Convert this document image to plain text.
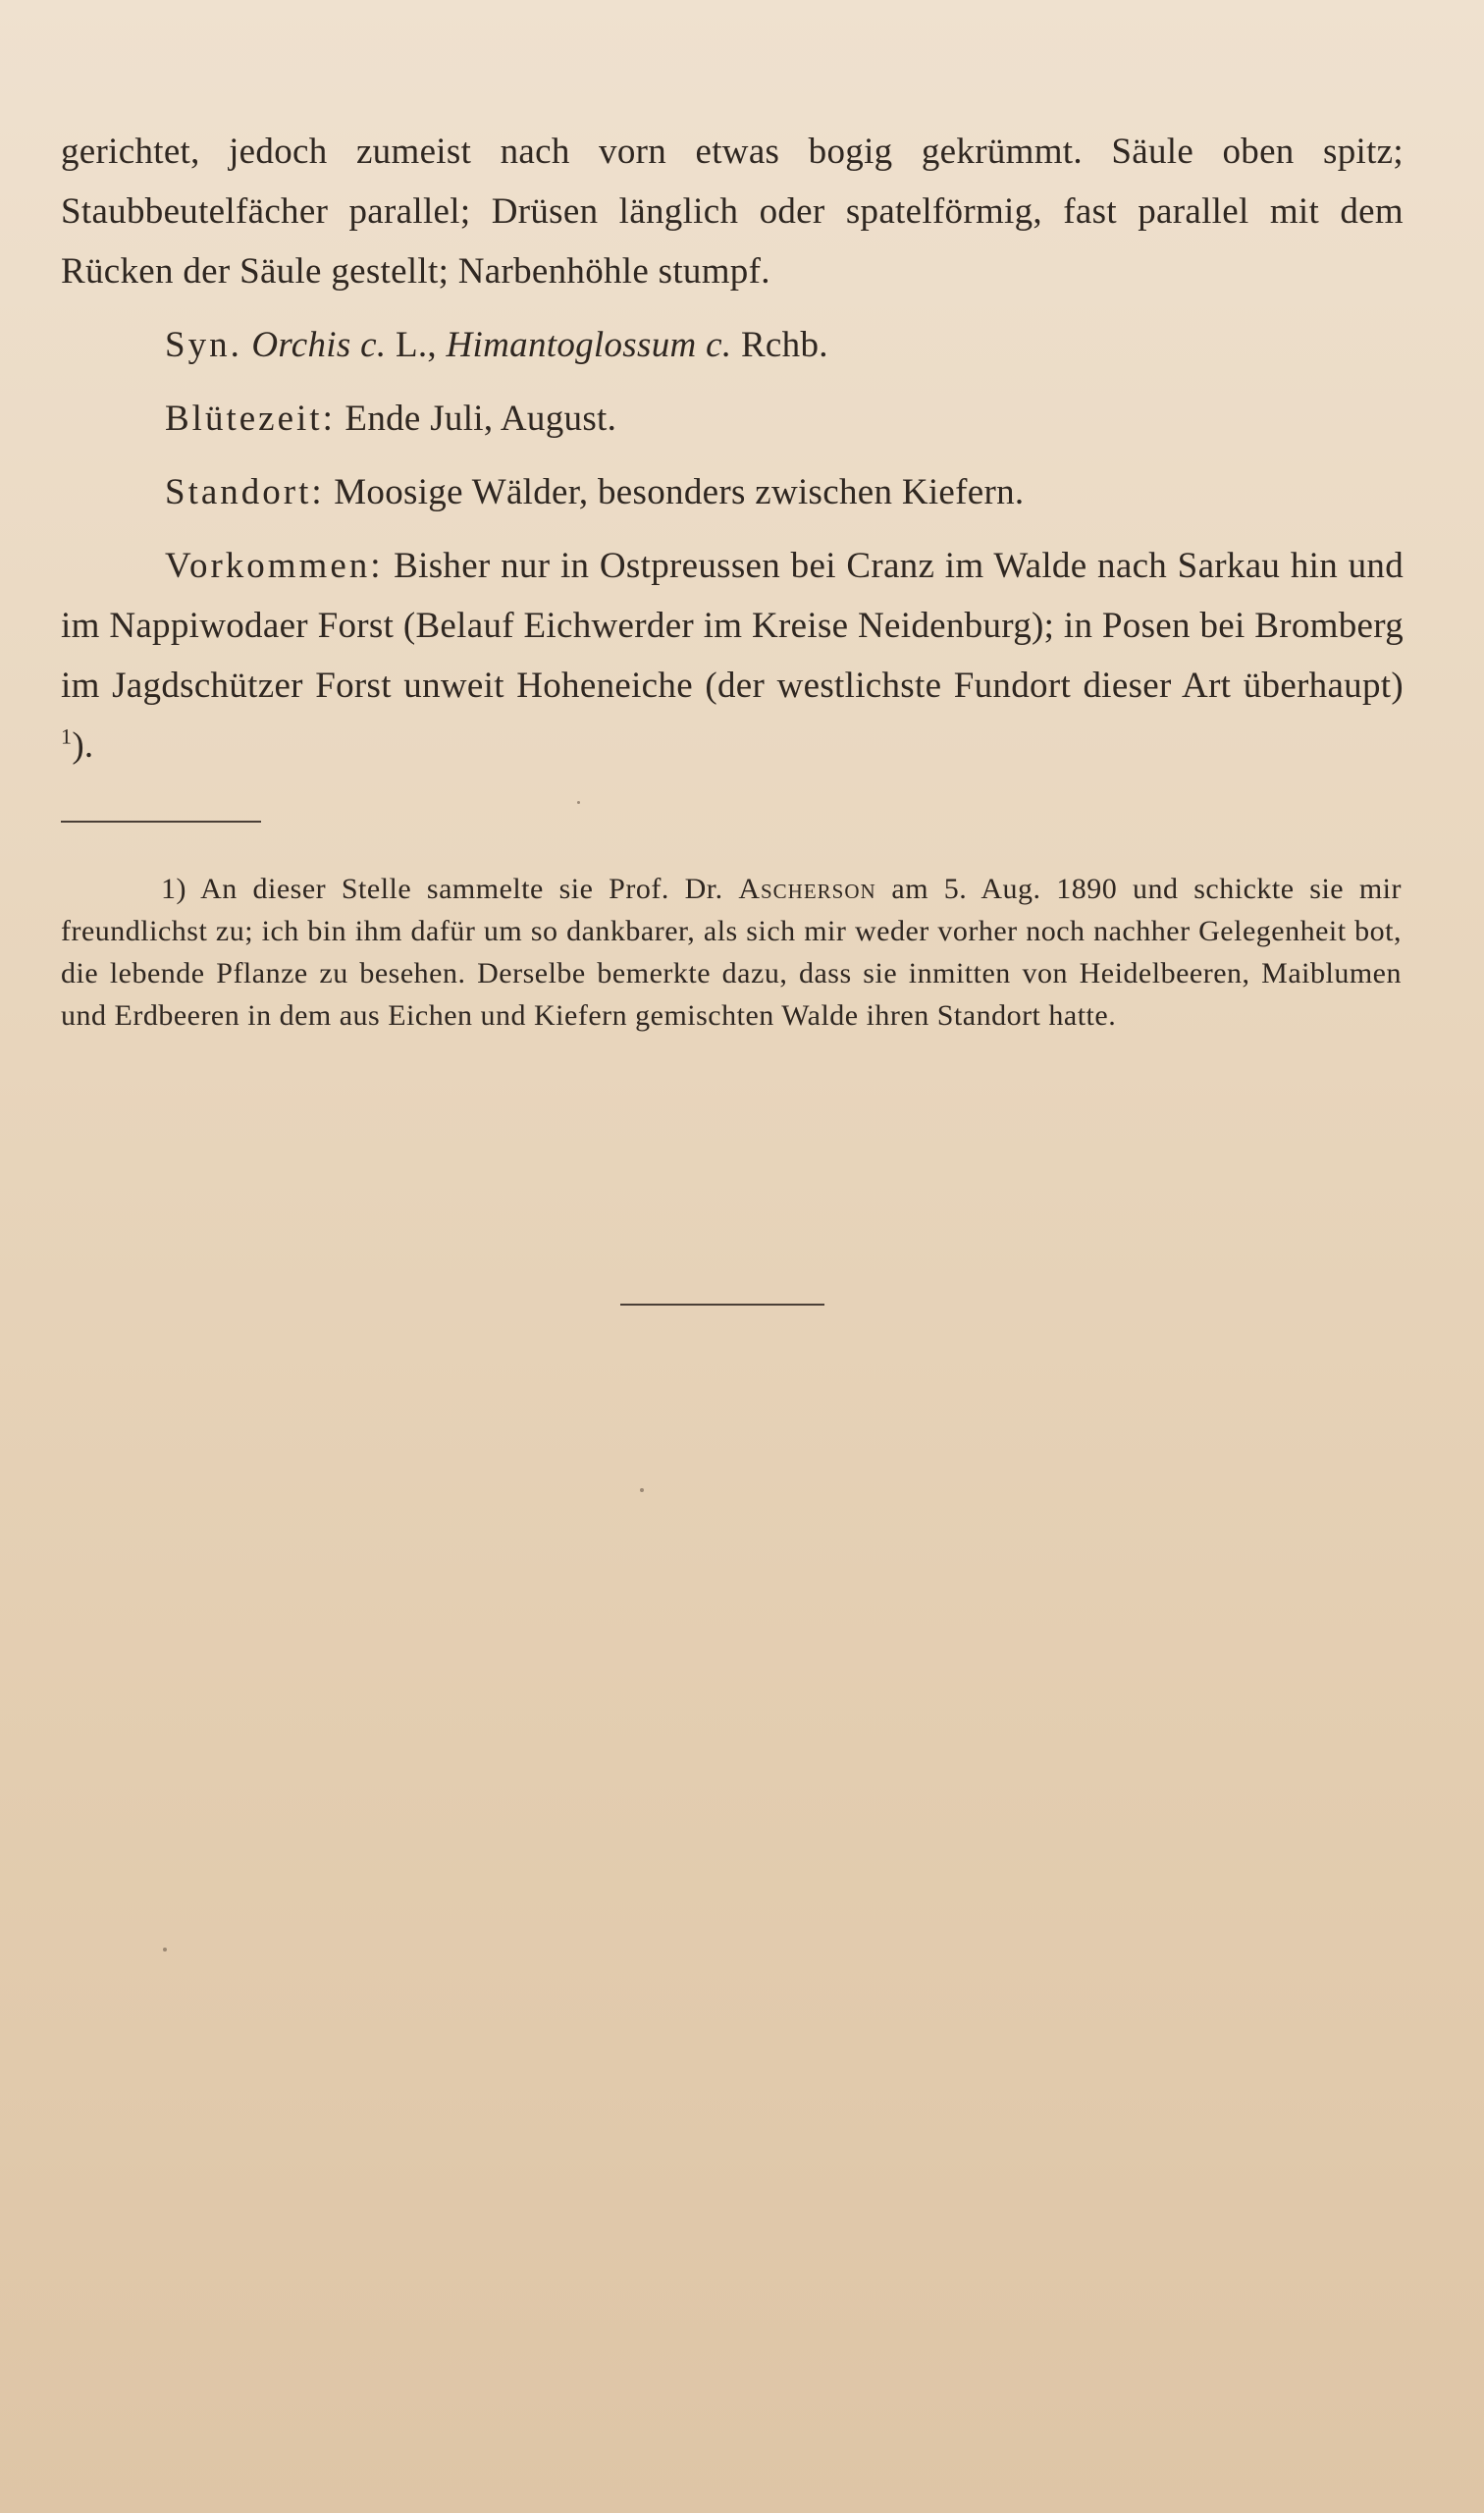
gerichtet, jedoch zumeist nach vorn etwas bogig gekrümmt. Säule oben spitz; Staubbeutelfächer parallel; Drüsen länglich oder spatelförmig, fast parallel mit dem Rücken der Säule gestellt; Narbenhöhle stumpf.

Syn. Orchis c. L., Himantoglossum c. Rchb.

Blütezeit: Ende Juli, August.

Standort: Moosige Wälder, besonders zwischen Kiefern.

Vorkommen: Bisher nur in Ostpreussen bei Cranz im Walde nach Sarkau hin und im Nappiwodaer Forst (Belauf Eichwerder im Kreise Neidenburg); in Posen bei Bromberg im Jagdschützer Forst unweit Hoheneiche (der westlichste Fundort dieser Art überhaupt) $^1$).

1) An dieser Stelle sammelte sie Prof. Dr. Ascherson am 5. Aug. 1890 und schickte sie mir freundlichst zu; ich bin ihm dafür um so dankbarer, als sich mir weder vorher noch nachher Gelegenheit bot, die lebende Pflanze zu besehen. Derselbe bemerkte dazu, dass sie inmitten von Heidelbeeren, Maiblumen und Erdbeeren in dem aus Eichen und Kiefern gemischten Walde ihren Standort hatte.
